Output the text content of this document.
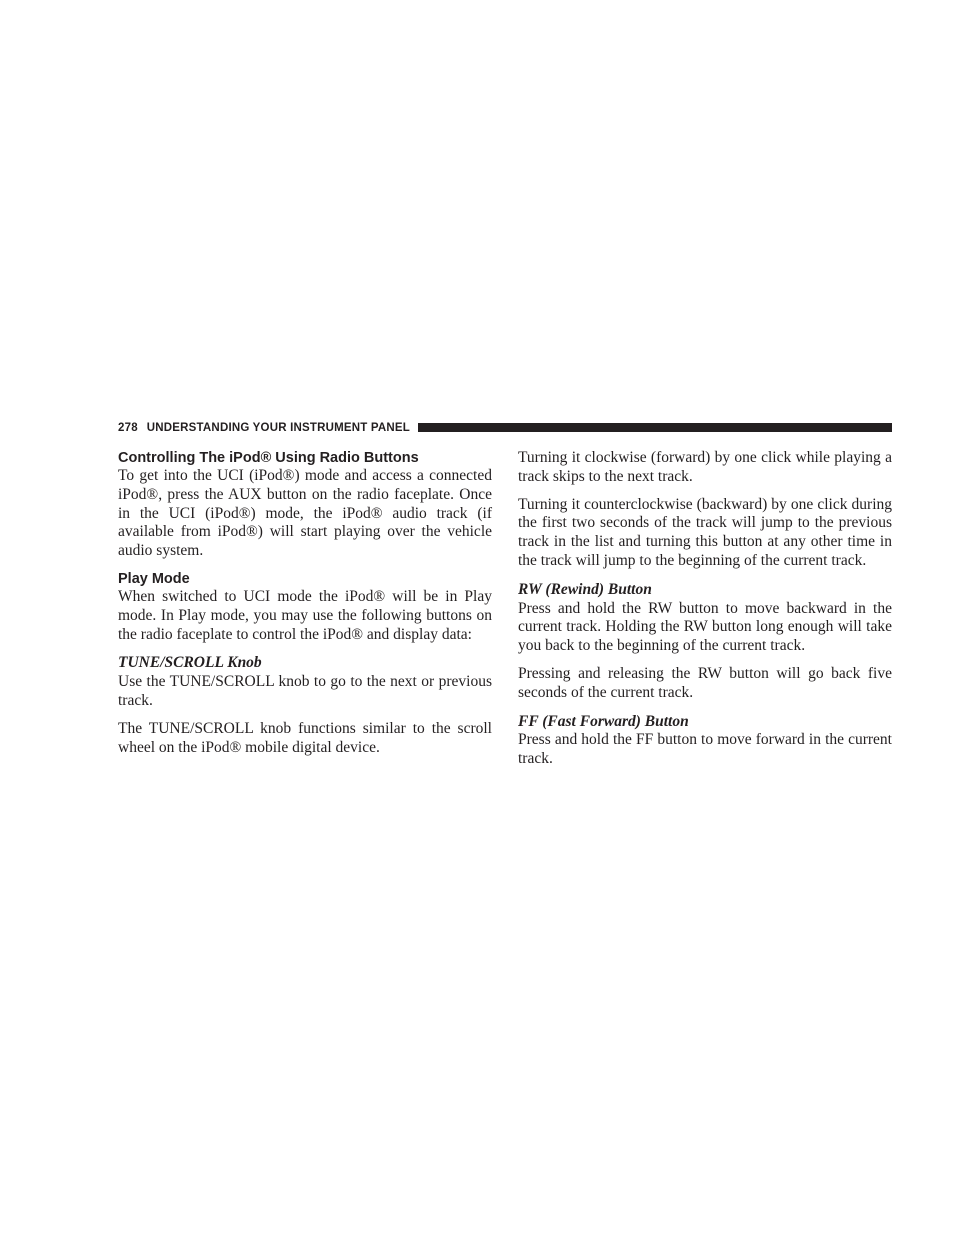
278 UNDERSTANDING YOUR INSTRUMENT PANEL
Controlling The iPod® Using Radio Buttons

To get into the UCI (iPod®) mode and access a connected iPod®, press the AUX button on the radio faceplate. Once in the UCI (iPod®) mode, the iPod® audio track (if available from iPod®) will start playing over the vehicle audio system.

Play Mode

When switched to UCI mode the iPod® will be in Play mode. In Play mode, you may use the following buttons on the radio faceplate to control the iPod® and display data:

TUNE/SCROLL Knob

Use the TUNE/SCROLL knob to go to the next or previous track.

The TUNE/SCROLL knob functions similar to the scroll wheel on the iPod® mobile digital device.

Turning it clockwise (forward) by one click while playing a track skips to the next track.

Turning it counterclockwise (backward) by one click during the first two seconds of the track will jump to the previous track in the list and turning this button at any other time in the track will jump to the beginning of the current track.

RW (Rewind) Button

Press and hold the RW button to move backward in the current track. Holding the RW button long enough will take you back to the beginning of the current track.

Pressing and releasing the RW button will go back five seconds of the current track.

FF (Fast Forward) Button

Press and hold the FF button to move forward in the current track.
